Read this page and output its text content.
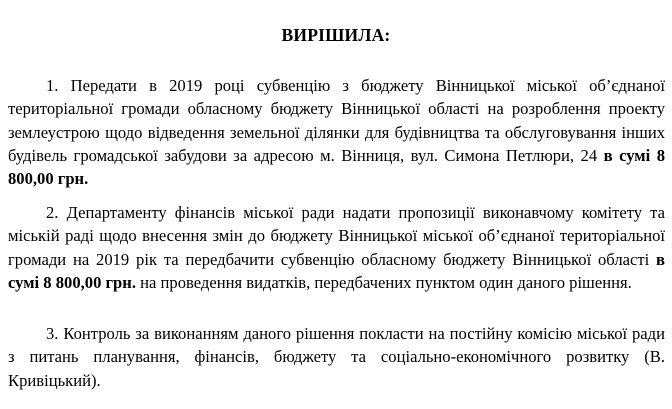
ВИРІШИЛА:

1. Передати в 2019 році субвенцію з бюджету Вінницької міської об’єднаної територіальної громади обласному бюджету Вінницької області на розроблення проекту землеустрою щодо відведення земельної ділянки для будівництва та обслуговування інших будівель громадської забудови за адресою м. Вінниця, вул. Симона Петлюри, 24 в сумі 8 800,00 грн.

2. Департаменту фінансів міської ради надати пропозиції виконавчому комітету та міській раді щодо внесення змін до бюджету Вінницької міської об’єднаної територіальної громади на 2019 рік та передбачити субвенцію обласному бюджету Вінницької області в сумі 8 800,00 грн. на проведення видатків, передбачених пунктом один даного рішення.

3. Контроль за виконанням даного рішення покласти на постійну комісію міської ради з питань планування, фінансів, бюджету та соціально-економічного розвитку (В. Кривіцький).
